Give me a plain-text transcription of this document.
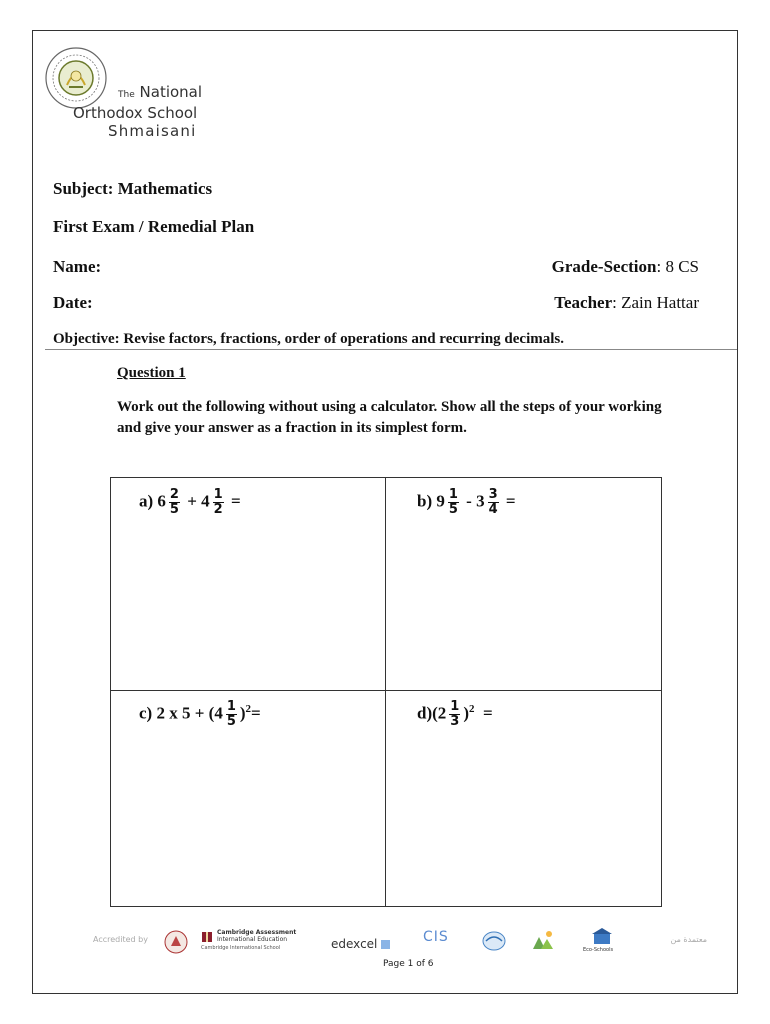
The National
Orthodox School
Shmaisani
Subject: Mathematics
First Exam / Remedial Plan
Name:	Grade-Section: 8 CS
Date:	Teacher: Zain Hattar
Objective: Revise factors, fractions, order of operations and recurring decimals.
Question 1
Work out the following without using a calculator. Show all the steps of your working and give your answer as a fraction in its simplest form.
a) $6 \frac{2}{5} + 4 \frac{1}{2}$ =	b) $9 \frac{1}{5} - 3 \frac{3}{4}$ =
c) 2 x $5 + (4 \frac{1}{5} )^2=$	$d)(2 \frac{1}{3} )^2$ =
Accredited by
Cambridge Assessment
International Education
Cambridge International School	edexcel	CIS
Eco-Schools
معتمدة من
Page 1 of 6
